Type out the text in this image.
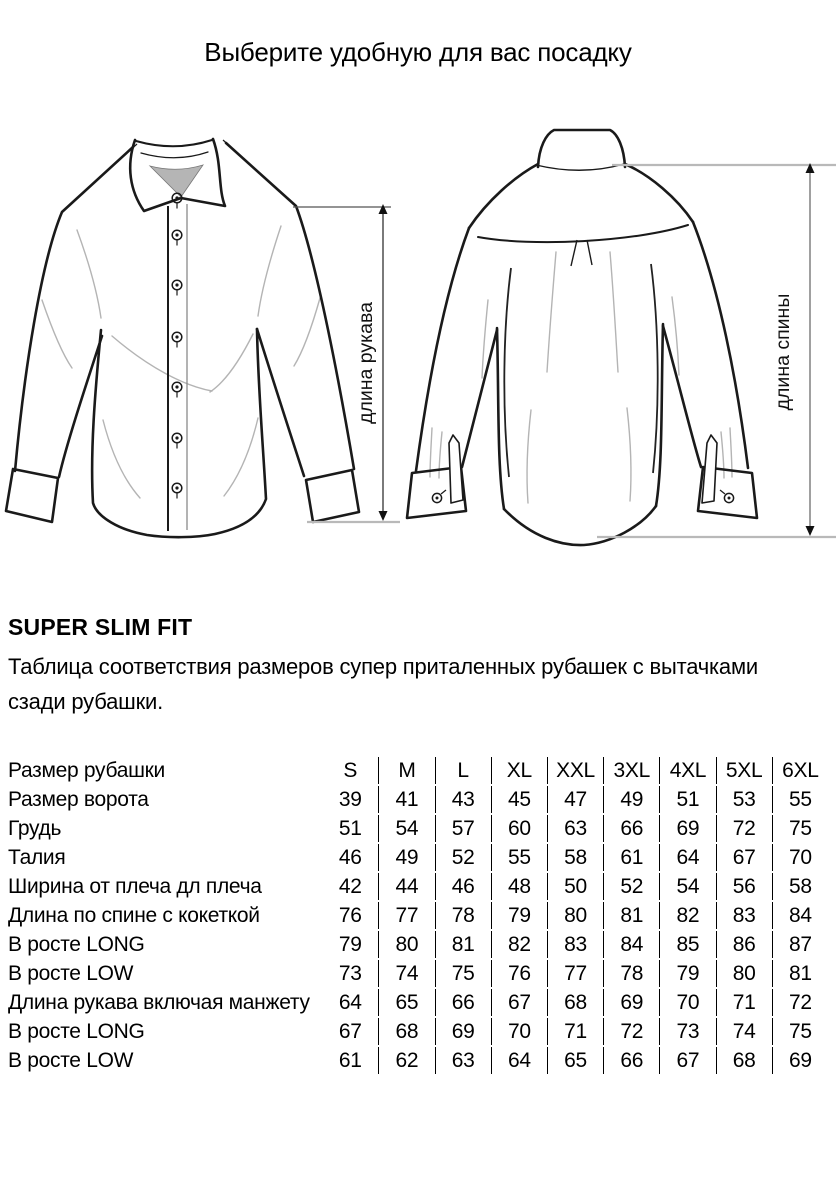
Выберите удобную для вас посадку
длина рукава	длина спины
SUPER SLIM FIT

Таблица соответствия размеров супер приталенных рубашек с вытачками
сзади рубашки.

Размер рубашки	S	M	L	XL	XXL	3XL	4XL	5XL	6XL
Размер ворота	39	41	43	45	47	49	51	53	55
Грудь	51	54	57	60	63	66	69	72	75
Талия	46	49	52	55	58	61	64	67	70
Ширина от плеча дл плеча	42	44	46	48	50	52	54	56	58
Длина по спине с кокеткой	76	77	78	79	80	81	82	83	84
В росте LONG	79	80	81	82	83	84	85	86	87
В росте LOW	73	74	75	76	77	78	79	80	81
Длина рукава включая манжету	64	65	66	67	68	69	70	71	72
В росте LONG	67	68	69	70	71	72	73	74	75
В росте LOW	61	62	63	64	65	66	67	68	69
